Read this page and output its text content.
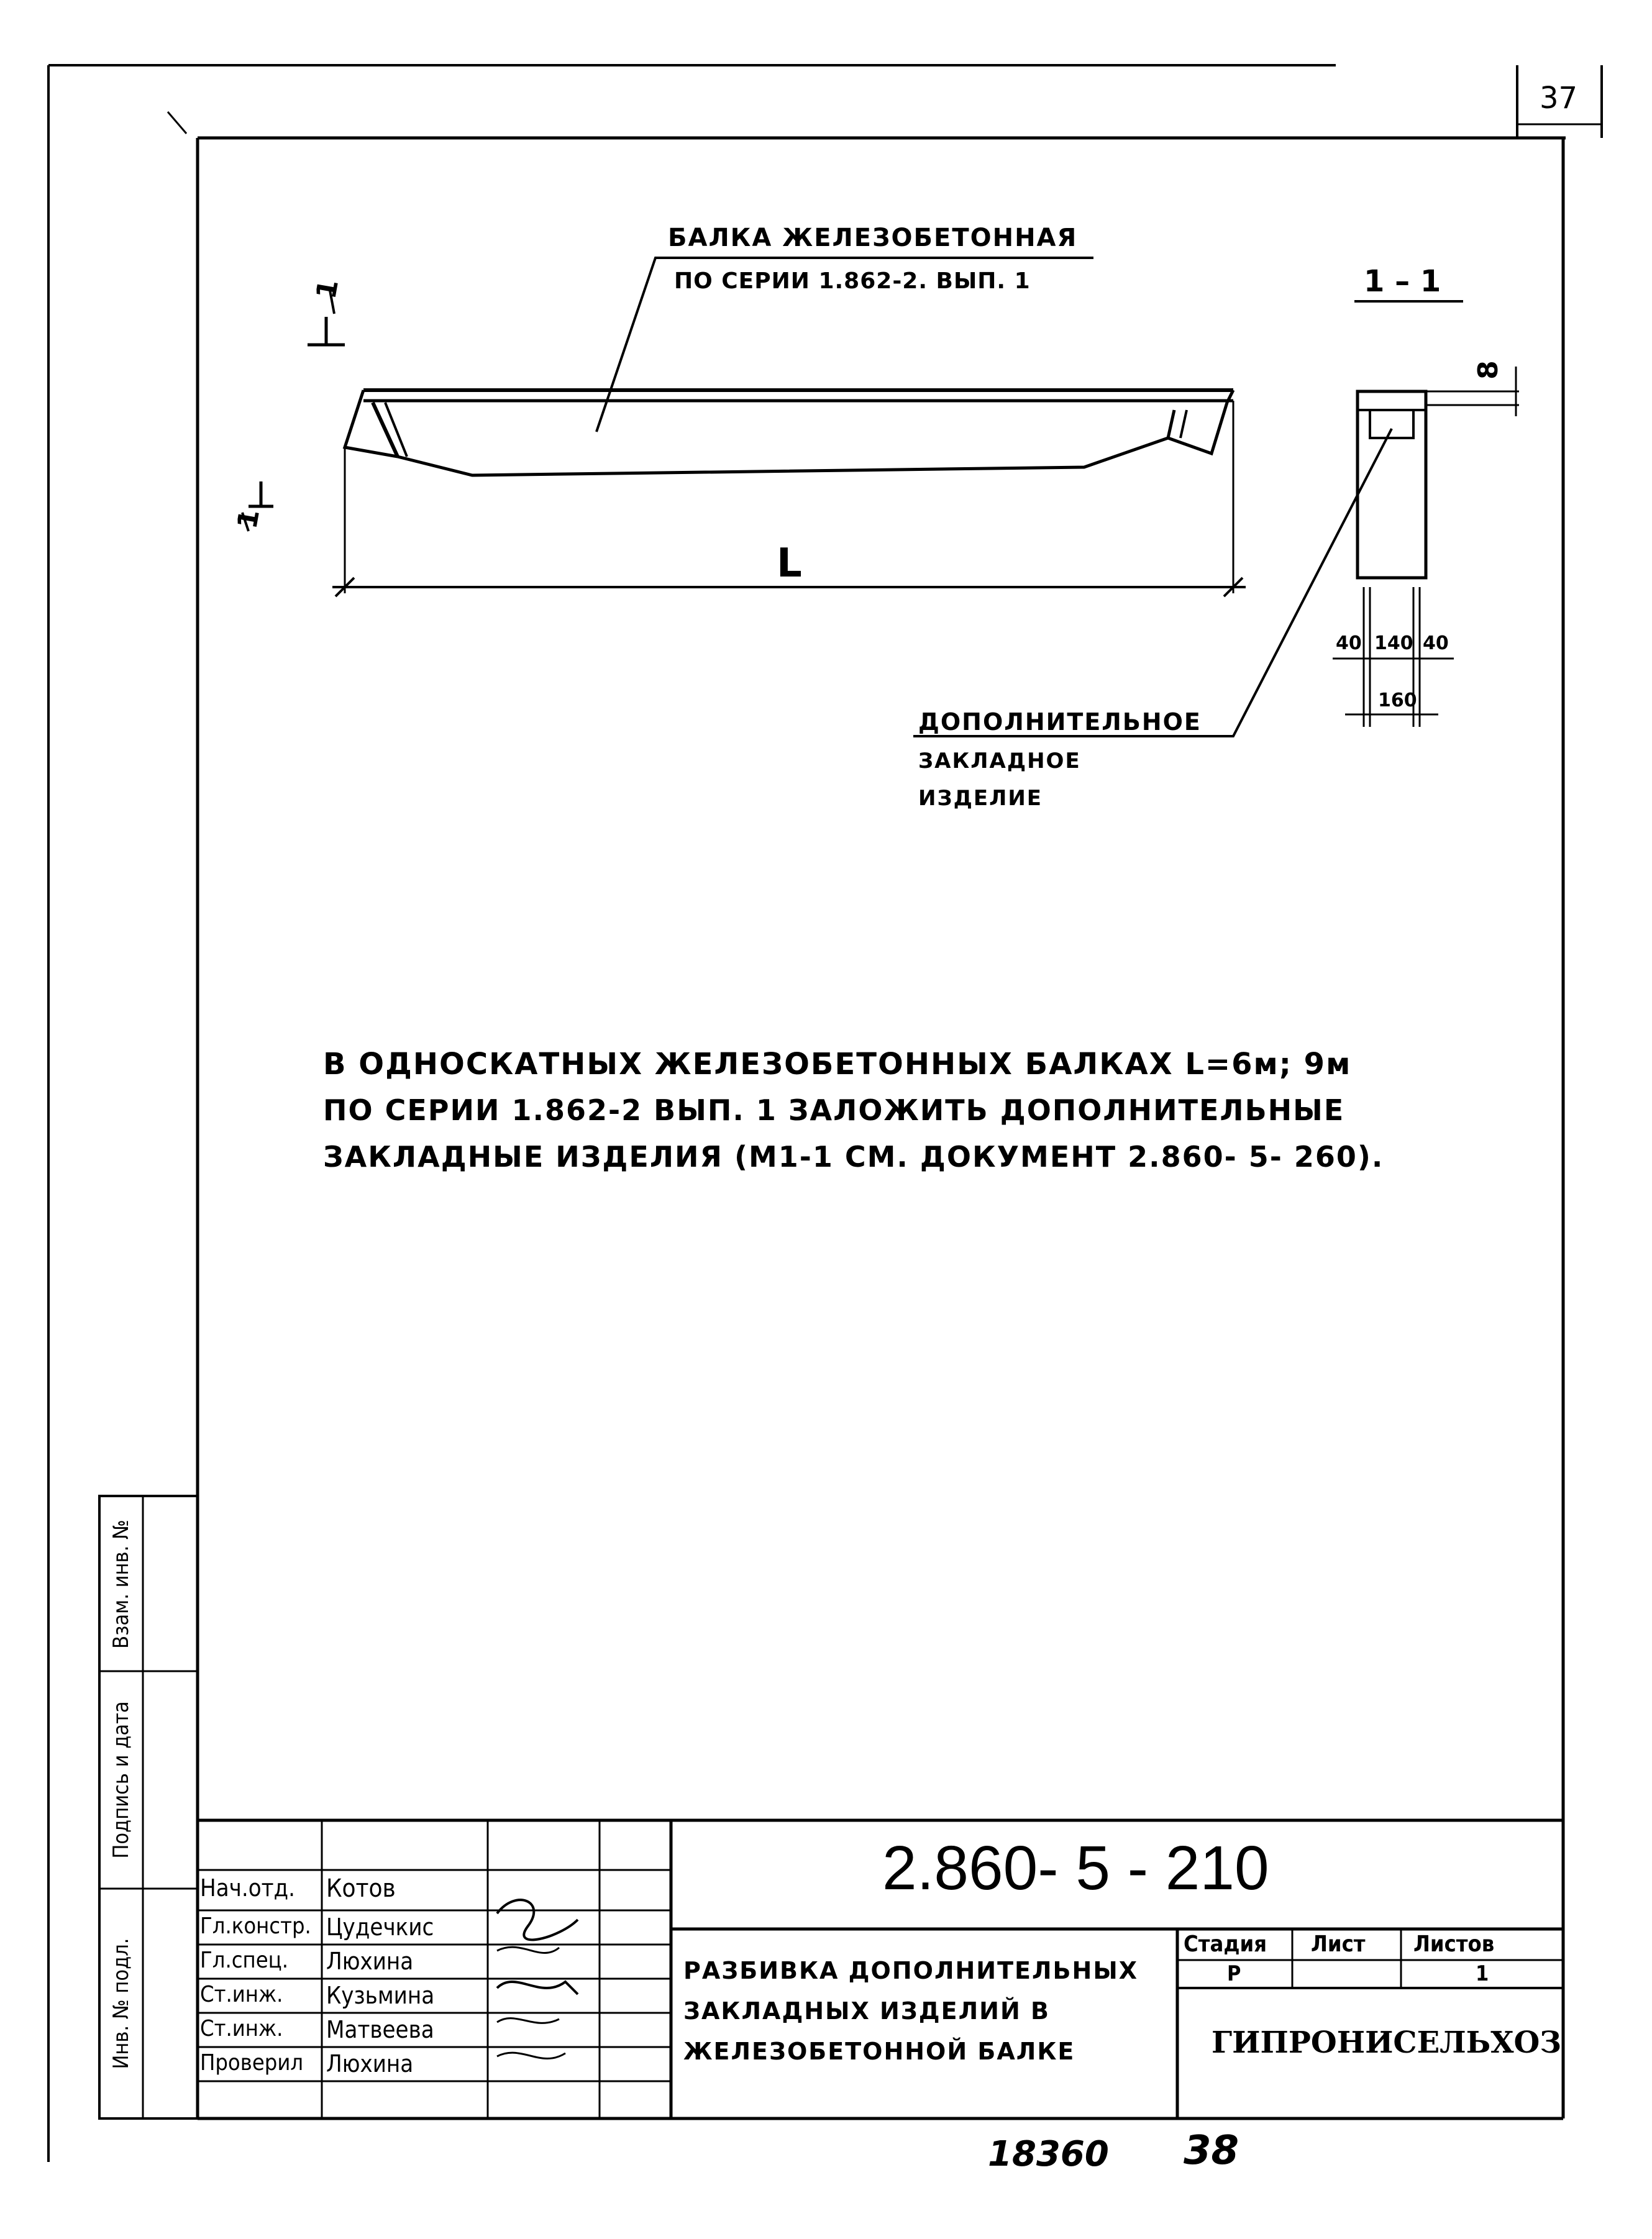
37
БАЛКА ЖЕЛЕЗОБЕТОННАЯ
ПО СЕРИИ 1.862-2. ВЫП. 1
L
1
1
1 – 1
8
40 140 40
160
ДОПОЛНИТЕЛЬНОЕ
ЗАКЛАДНОЕ
ИЗДЕЛИЕ
В ОДНОСКАТНЫХ ЖЕЛЕЗОБЕТОННЫХ БАЛКАХ L=6м; 9м
ПО СЕРИИ 1.862-2 ВЫП. 1 ЗАЛОЖИТЬ ДОПОЛНИТЕЛЬНЫЕ
ЗАКЛАДНЫЕ ИЗДЕЛИЯ (М1-1 СМ. ДОКУМЕНТ 2.860- 5- 260).
Инв. № подл.
Подпись и дата
Взам. инв. №
2.860- 5 - 210
РАЗБИВКА ДОПОЛНИТЕЛЬНЫХ
ЗАКЛАДНЫХ ИЗДЕЛИЙ В
ЖЕЛЕЗОБЕТОННОЙ БАЛКЕ
Стадия Лист Листов
Р	1
ГИПРОНИСЕЛЬХОЗ
Нач.отд. Котов
Гл.констр. Цудечкис
Гл.спец. Люхина
Ст.инж. Кузьмина
Ст.инж. Матвеева
Проверил Люхина
18360 38
